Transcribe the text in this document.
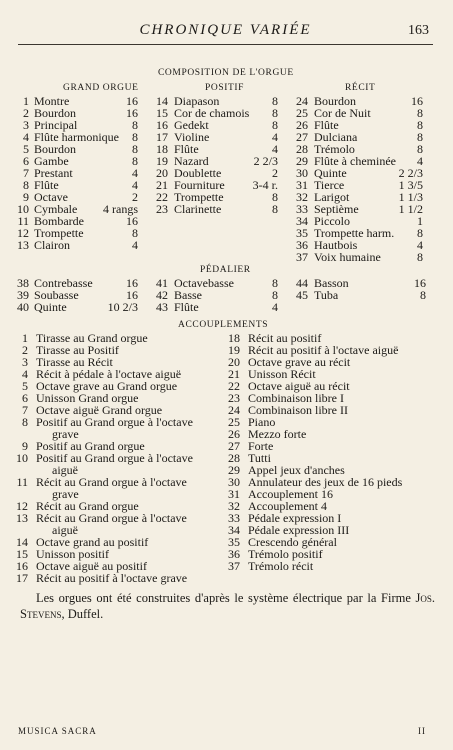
CHRONIQUE VARIÉE	163
COMPOSITION DE L'ORGUE
GRAND ORGUE	POSITIF	RÉCIT
1 Montre	16
2 Bourdon	16
3 Principal	8
4 Flûte harmonique 8
5 Bourdon	8
6 Gambe	8
7 Prestant	4
8 Flûte	4
9 Octave	2
10 Cymbale 4 rangs
11 Bombarde	16
12 Trompette	8
13 Clairon	4
14 Diapason	8
15 Cor de chamois 8
16 Gedekt	8
17 Violine	4
18 Flûte	4
19 Nazard	2 2/3
20 Doublette	2
21 Fourniture 3-4 r.
22 Trompette	8
23 Clarinette	8
24 Bourdon	16
25 Cor de Nuit	8
26 Flûte	8
27 Dulciana	8
28 Trémolo	8
29 Flûte à cheminée 4
30 Quinte	2 2/3
31 Tierce	1 3/5
32 Larigot	1 1/3
33 Septième	1 1/2
34 Piccolo	1
35 Trompette harm. 8
36 Hautbois	4
37 Voix humaine	8
PÉDALIER
38 Contrebasse	16
39 Soubasse	16
40 Quinte	10 2/3
41 Octavebasse	8
42 Basse	8
43 Flûte	4
44 Basson	16
45 Tuba	8
ACCOUPLEMENTS
1 Tirasse au Grand orgue
2 Tirasse au Positif
3 Tirasse au Récit
4 Récit à pédale à l'octave aiguë
5 Octave grave au Grand orgue
6 Unisson Grand orgue
7 Octave aiguë Grand orgue
8 Positif au Grand orgue à l'octave
grave
9 Positif au Grand orgue
10 Positif au Grand orgue à l'octave
aiguë
11 Récit au Grand orgue à l'octave
grave
12 Récit au Grand orgue
13 Récit au Grand orgue à l'octave
aiguë
14 Octave grand au positif
15 Unisson positif
16 Octave aiguë au positif
17 Récit au positif à l'octave grave
18 Récit au positif
19 Récit au positif à l'octave aiguë
20 Octave grave au récit
21 Unisson Récit
22 Octave aiguë au récit
23 Combinaison libre I
24 Combinaison libre II
25 Piano
26 Mezzo forte
27 Forte
28 Tutti
29 Appel jeux d'anches
30 Annulateur des jeux de 16 pieds
31 Accouplement 16
32 Accouplement 4
33 Pédale expression I
34 Pédale expression III
35 Crescendo général
36 Trémolo positif
37 Trémolo récit
Les orgues ont été construites d'après le système électrique par la Firme Jos. Stevens, Duffel.
MUSICA SACRA	II
